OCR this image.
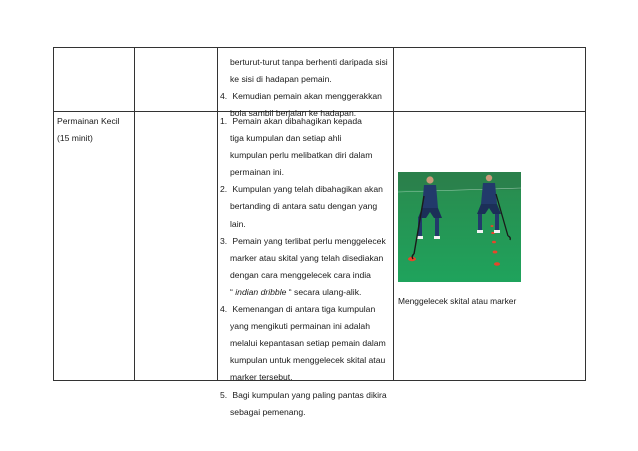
berturut-turut tanpa berhenti daripada sisi
ke sisi di hadapan pemain.
4. Kemudian pemain akan menggerakkan
bola sambil berjalan ke hadapan.
Permainan Kecil
(15 minit)
1. Pemain akan dibahagikan kepada
tiga kumpulan dan setiap ahli
kumpulan perlu melibatkan diri dalam
permainan ini.
2. Kumpulan yang telah dibahagikan akan
bertanding di antara satu dengan yang
lain.
3. Pemain yang terlibat perlu menggelecek
marker atau skital yang telah disediakan
dengan cara menggelecek cara india
“ indian dribble “ secara ulang-alik.
4. Kemenangan di antara tiga kumpulan
yang mengikuti permainan ini adalah
melalui kepantasan setiap pemain dalam
kumpulan untuk menggelecek skital atau
marker tersebut.
5. Bagi kumpulan yang paling pantas dikira
sebagai pemenang.
Menggelecek skital atau marker
